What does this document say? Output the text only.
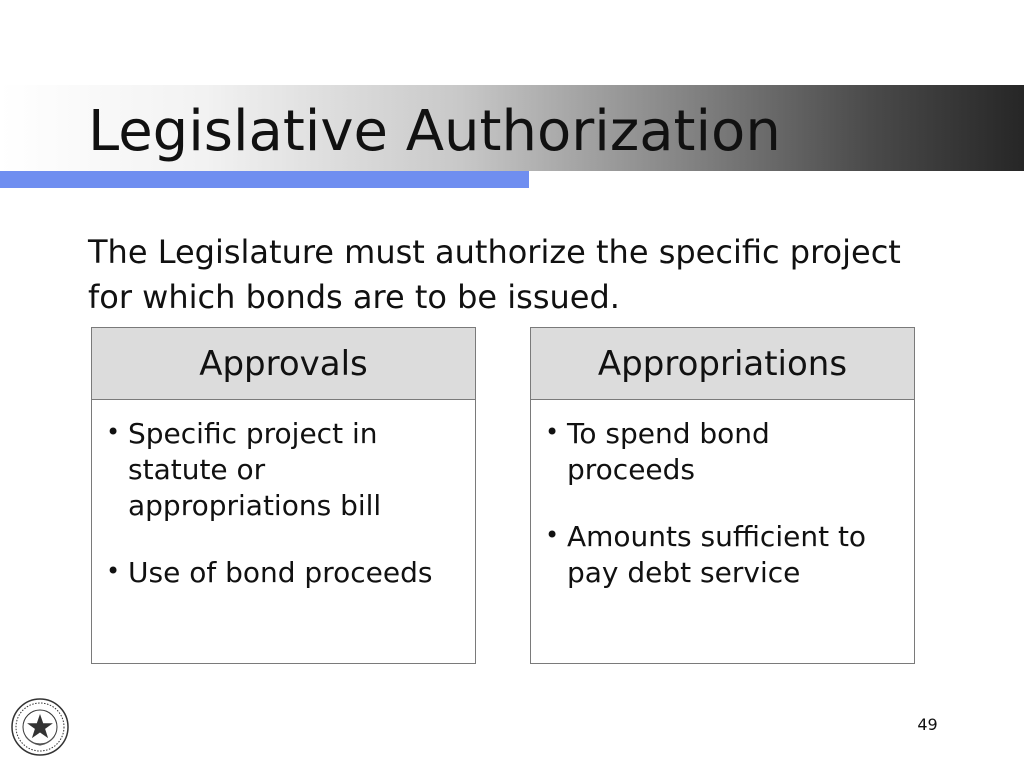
Legislative Authorization

The Legislature must authorize the specific project for which bonds are to be issued.

Approvals
• Specific project in statute or appropriations bill
• Use of bond proceeds
Appropriations
• To spend bond proceeds
• Amounts sufficient to pay debt service
49
